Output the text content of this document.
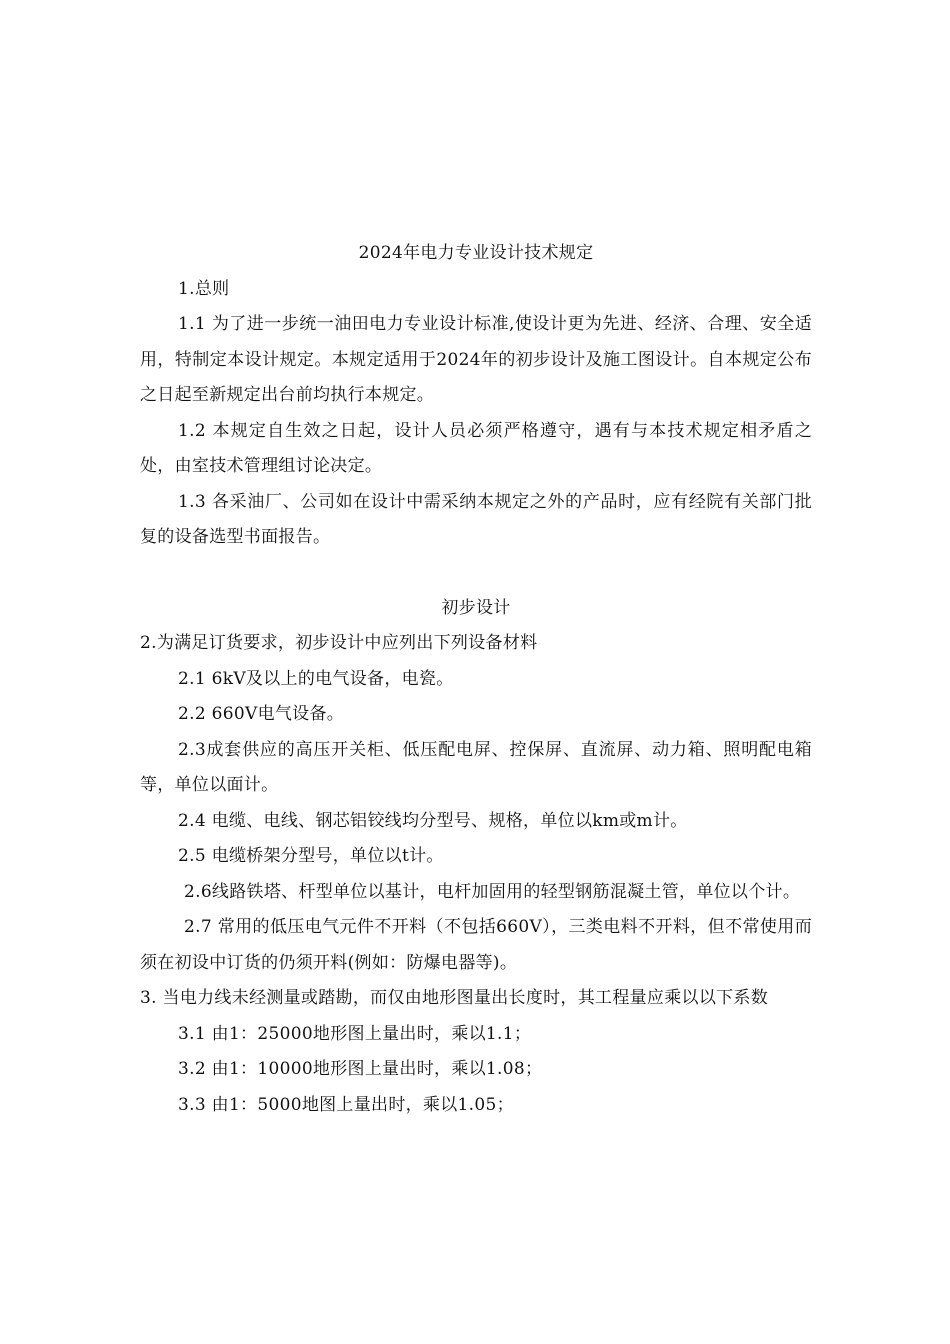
2024年电力专业设计技术规定

1.总则

1.1 为了进一步统一油田电力专业设计标准,使设计更为先进、经济、合理、安全适用，特制定本设计规定。本规定适用于2024年的初步设计及施工图设计。自本规定公布之日起至新规定出台前均执行本规定。

1.2 本规定自生效之日起，设计人员必须严格遵守，遇有与本技术规定相矛盾之处，由室技术管理组讨论决定。

1.3 各采油厂、公司如在设计中需采纳本规定之外的产品时，应有经院有关部门批复的设备选型书面报告。

初步设计

2.为满足订货要求，初步设计中应列出下列设备材料

2.1 6kV及以上的电气设备，电瓷。

2.2 660V电气设备。

2.3成套供应的高压开关柜、低压配电屏、控保屏、直流屏、动力箱、照明配电箱等，单位以面计。

2.4 电缆、电线、钢芯铝铰线均分型号、规格，单位以km或m计。

2.5 电缆桥架分型号，单位以t计。

2.6线路铁塔、杆型单位以基计，电杆加固用的轻型钢筋混凝土管，单位以个计。

2.7 常用的低压电气元件不开料（不包括660V），三类电料不开料，但不常使用而须在初设中订货的仍须开料(例如：防爆电器等)。

3. 当电力线未经测量或踏勘，而仅由地形图量出长度时，其工程量应乘以以下系数

3.1 由1：25000地形图上量出时，乘以1.1；

3.2 由1：10000地形图上量出时，乘以1.08；

3.3 由1：5000地图上量出时，乘以1.05；
